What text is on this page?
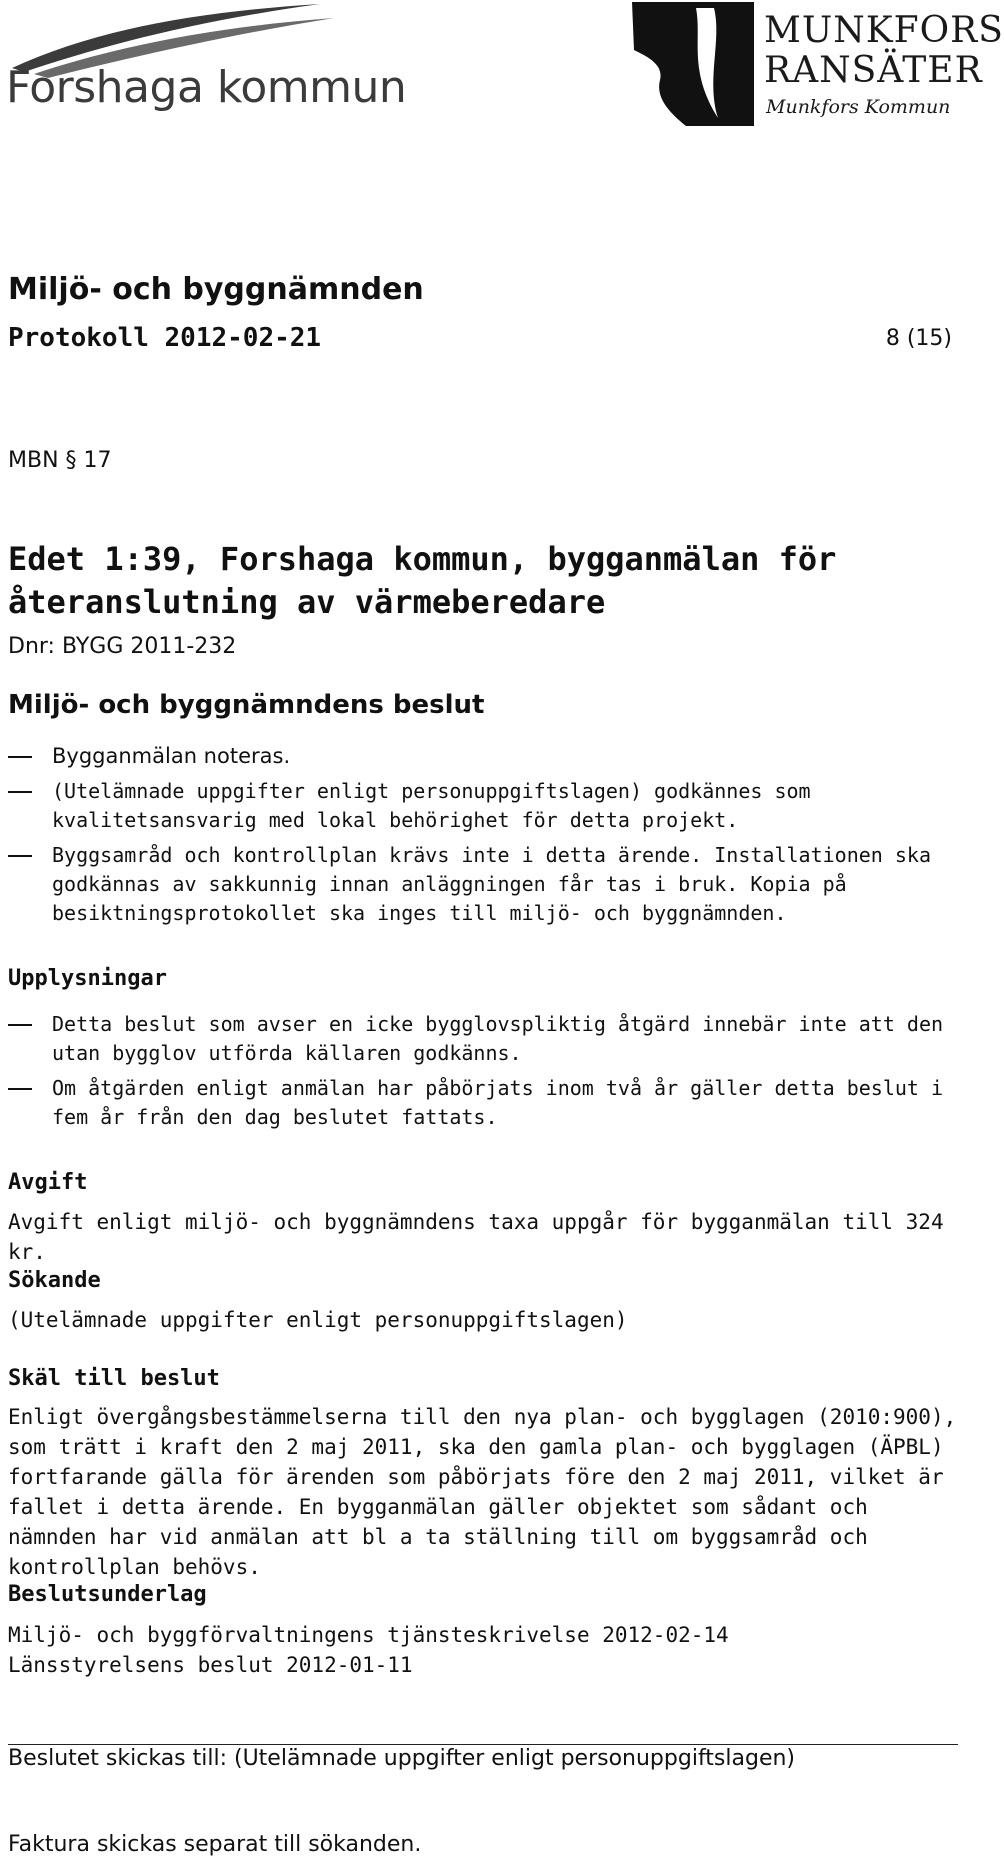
Forshaga kommun
MUNKFORS
RANSÄTER
Munkfors Kommun
Miljö- och byggnämnden
Protokoll 2012-02-21	8 (15)
MBN § 17
Edet 1:39, Forshaga kommun, bygganmälan för återanslutning av värmeberedare
Dnr: BYGG 2011-232
Miljö- och byggnämndens beslut
Bygganmälan noteras.
(Utelämnade uppgifter enligt personuppgiftslagen) godkännes som kvalitetsansvarig med lokal behörighet för detta projekt.
Byggsamråd och kontrollplan krävs inte i detta ärende. Installationen ska godkännas av sakkunnig innan anläggningen får tas i bruk. Kopia på besiktningsprotokollet ska inges till miljö- och byggnämnden.
Upplysningar
Detta beslut som avser en icke bygglovspliktig åtgärd innebär inte att den utan bygglov utförda källaren godkänns.
Om åtgärden enligt anmälan har påbörjats inom två år gäller detta beslut i fem år från den dag beslutet fattats.
Avgift
Avgift enligt miljö- och byggnämndens taxa uppgår för bygganmälan till 324 kr.
Sökande
(Utelämnade uppgifter enligt personuppgiftslagen)
Skäl till beslut
Enligt övergångsbestämmelserna till den nya plan- och bygglagen (2010:900), som trätt i kraft den 2 maj 2011, ska den gamla plan- och bygglagen (ÄPBL) fortfarande gälla för ärenden som påbörjats före den 2 maj 2011, vilket är fallet i detta ärende. En bygganmälan gäller objektet som sådant och nämnden har vid anmälan att bl a ta ställning till om byggsamråd och kontrollplan behövs.
Beslutsunderlag
Miljö- och byggförvaltningens tjänsteskrivelse 2012-02-14
Länsstyrelsens beslut 2012-01-11
Beslutet skickas till: (Utelämnade uppgifter enligt personuppgiftslagen)
Faktura skickas separat till sökanden.
